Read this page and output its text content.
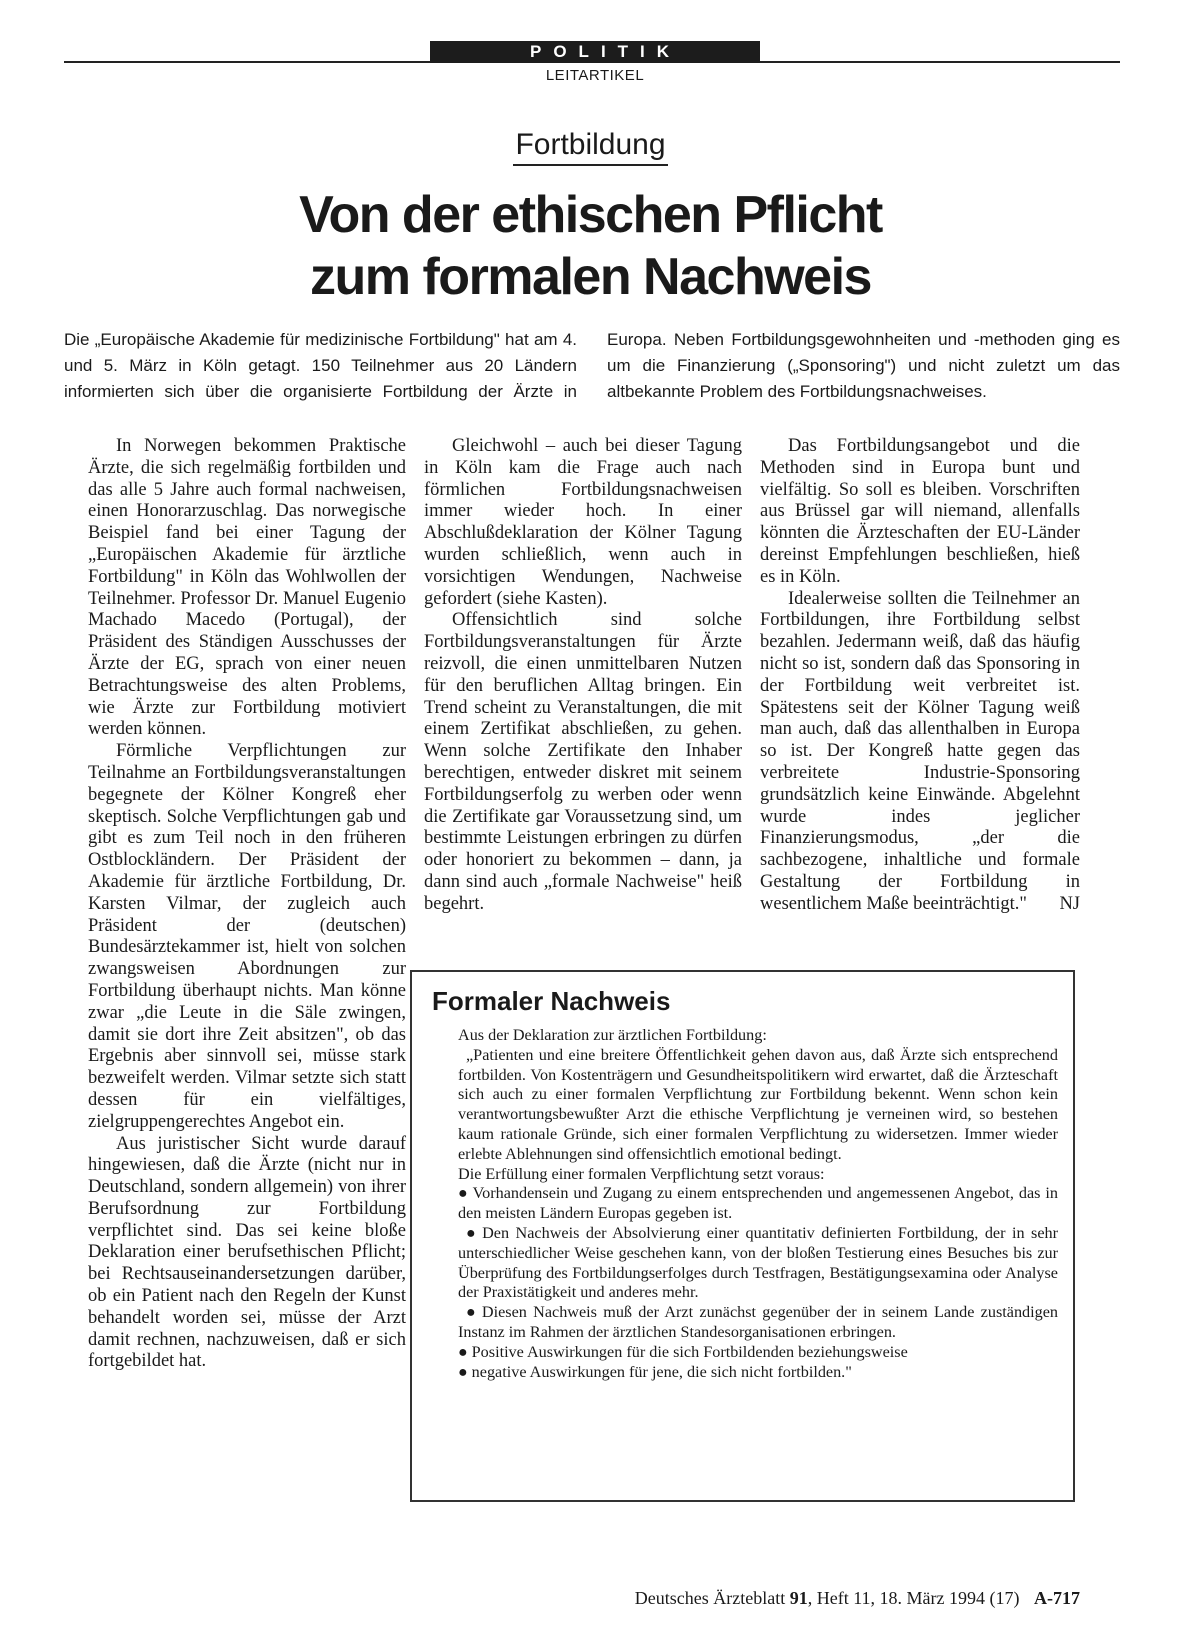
POLITIK
LEITARTIKEL
Fortbildung
Von der ethischen Pflicht
zum formalen Nachweis

Die „Europäische Akademie für medizinische Fortbildung" hat am 4. und 5. März in Köln getagt. 150 Teilnehmer aus 20 Ländern informierten sich über die organisierte Fortbildung der Ärzte in Europa. Neben Fortbildungsgewohnheiten und -methoden ging es um die Finanzierung („Sponsoring") und nicht zuletzt um das altbekannte Problem des Fortbildungsnachweises.

In Norwegen bekommen Praktische Ärzte, die sich regelmäßig fortbilden und das alle 5 Jahre auch formal nachweisen, einen Honorarzuschlag. Das norwegische Beispiel fand bei einer Tagung der „Europäischen Akademie für ärztliche Fortbildung" in Köln das Wohlwollen der Teilnehmer. Professor Dr. Manuel Eugenio Machado Macedo (Portugal), der Präsident des Ständigen Ausschusses der Ärzte der EG, sprach von einer neuen Betrachtungsweise des alten Problems, wie Ärzte zur Fortbildung motiviert werden können.

Förmliche Verpflichtungen zur Teilnahme an Fortbildungsveranstaltungen begegnete der Kölner Kongreß eher skeptisch. Solche Verpflichtungen gab und gibt es zum Teil noch in den früheren Ostblockländern. Der Präsident der Akademie für ärztliche Fortbildung, Dr. Karsten Vilmar, der zugleich auch Präsident der (deutschen) Bundesärztekammer ist, hielt von solchen zwangsweisen Abordnungen zur Fortbildung überhaupt nichts. Man könne zwar „die Leute in die Säle zwingen, damit sie dort ihre Zeit absitzen", ob das Ergebnis aber sinnvoll sei, müsse stark bezweifelt werden. Vilmar setzte sich statt dessen für ein vielfältiges, zielgruppengerechtes Angebot ein.

Aus juristischer Sicht wurde darauf hingewiesen, daß die Ärzte (nicht nur in Deutschland, sondern allgemein) von ihrer Berufsordnung zur Fortbildung verpflichtet sind. Das sei keine bloße Deklaration einer berufsethischen Pflicht; bei Rechtsauseinandersetzungen darüber, ob ein Patient nach den Regeln der Kunst behandelt worden sei, müsse der Arzt damit rechnen, nachzuweisen, daß er sich fortgebildet hat.

Gleichwohl – auch bei dieser Tagung in Köln kam die Frage auch nach förmlichen Fortbildungsnachweisen immer wieder hoch. In einer Abschlußdeklaration der Kölner Tagung wurden schließlich, wenn auch in vorsichtigen Wendungen, Nachweise gefordert (siehe Kasten).

Offensichtlich sind solche Fortbildungsveranstaltungen für Ärzte reizvoll, die einen unmittelbaren Nutzen für den beruflichen Alltag bringen. Ein Trend scheint zu Veranstaltungen, die mit einem Zertifikat abschließen, zu gehen. Wenn solche Zertifikate den Inhaber berechtigen, entweder diskret mit seinem Fortbildungserfolg zu werben oder wenn die Zertifikate gar Voraussetzung sind, um bestimmte Leistungen erbringen zu dürfen oder honoriert zu bekommen – dann, ja dann sind auch „formale Nachweise" heiß begehrt.

Das Fortbildungsangebot und die Methoden sind in Europa bunt und vielfältig. So soll es bleiben. Vorschriften aus Brüssel gar will niemand, allenfalls könnten die Ärzteschaften der EU-Länder dereinst Empfehlungen beschließen, hieß es in Köln.

Idealerweise sollten die Teilnehmer an Fortbildungen, ihre Fortbildung selbst bezahlen. Jedermann weiß, daß das häufig nicht so ist, sondern daß das Sponsoring in der Fortbildung weit verbreitet ist. Spätestens seit der Kölner Tagung weiß man auch, daß das allenthalben in Europa so ist. Der Kongreß hatte gegen das verbreitete Industrie-Sponsoring grundsätzlich keine Einwände. Abgelehnt wurde indes jeglicher Finanzierungsmodus, „der die sachbezogene, inhaltliche und formale Gestaltung der Fortbildung in wesentlichem Maße beeinträchtigt." NJ

Formaler Nachweis

Aus der Deklaration zur ärztlichen Fortbildung:

„Patienten und eine breitere Öffentlichkeit gehen davon aus, daß Ärzte sich entsprechend fortbilden. Von Kostenträgern und Gesundheitspolitikern wird erwartet, daß die Ärzteschaft sich auch zu einer formalen Verpflichtung zur Fortbildung bekennt. Wenn schon kein verantwortungsbewußter Arzt die ethische Verpflichtung je verneinen wird, so bestehen kaum rationale Gründe, sich einer formalen Verpflichtung zu widersetzen. Immer wieder erlebte Ablehnungen sind offensichtlich emotional bedingt.

Die Erfüllung einer formalen Verpflichtung setzt voraus:

● Vorhandensein und Zugang zu einem entsprechenden und angemessenen Angebot, das in den meisten Ländern Europas gegeben ist.

● Den Nachweis der Absolvierung einer quantitativ definierten Fortbildung, der in sehr unterschiedlicher Weise geschehen kann, von der bloßen Testierung eines Besuches bis zur Überprüfung des Fortbildungserfolges durch Testfragen, Bestätigungsexamina oder Analyse der Praxistätigkeit und anderes mehr.

● Diesen Nachweis muß der Arzt zunächst gegenüber der in seinem Lande zuständigen Instanz im Rahmen der ärztlichen Standesorganisationen erbringen.

● Positive Auswirkungen für die sich Fortbildenden beziehungsweise

● negative Auswirkungen für jene, die sich nicht fortbilden."

Deutsches Ärzteblatt 91, Heft 11, 18. März 1994 (17) A-717
